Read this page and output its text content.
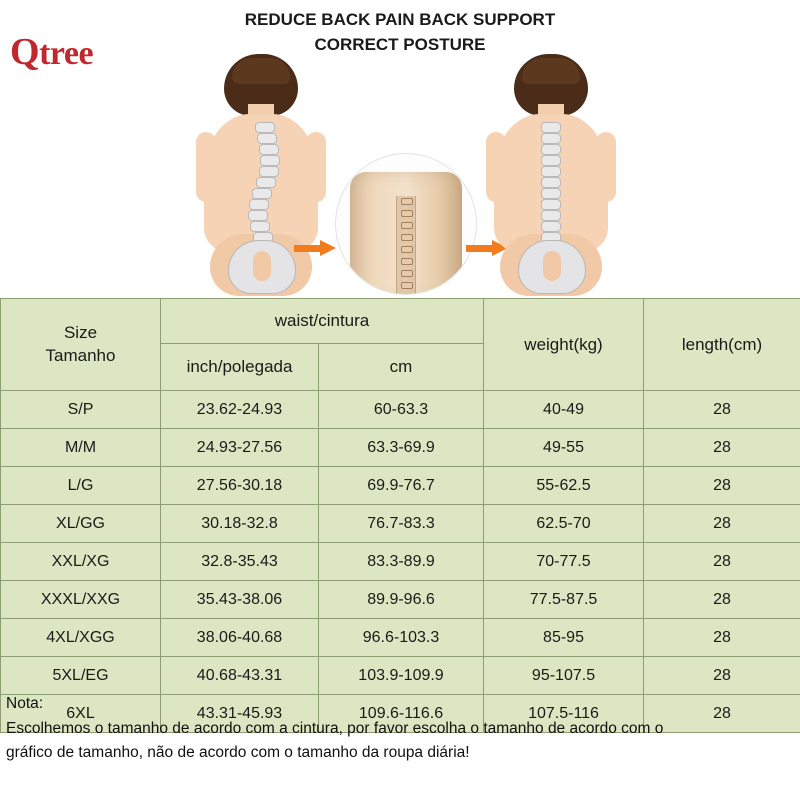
Qtree
REDUCE BACK PAIN BACK SUPPORT
CORRECT POSTURE
Size
Tamanho	waist/cintura		weight(kg)	length(cm)
	inch/polegada	cm		
S/P	23.62-24.93	60-63.3	40-49	28
M/M	24.93-27.56	63.3-69.9	49-55	28
L/G	27.56-30.18	69.9-76.7	55-62.5	28
XL/GG	30.18-32.8	76.7-83.3	62.5-70	28
XXL/XG	32.8-35.43	83.3-89.9	70-77.5	28
XXXL/XXG	35.43-38.06	89.9-96.6	77.5-87.5	28
4XL/XGG	38.06-40.68	96.6-103.3	85-95	28
5XL/EG	40.68-43.31	103.9-109.9	95-107.5	28
6XL	43.31-45.93	109.6-116.6	107.5-116	28
Nota:
Escolhemos o tamanho de acordo com a cintura, por favor escolha o tamanho de acordo com o
gráfico de tamanho, não de acordo com o tamanho da roupa diária!
